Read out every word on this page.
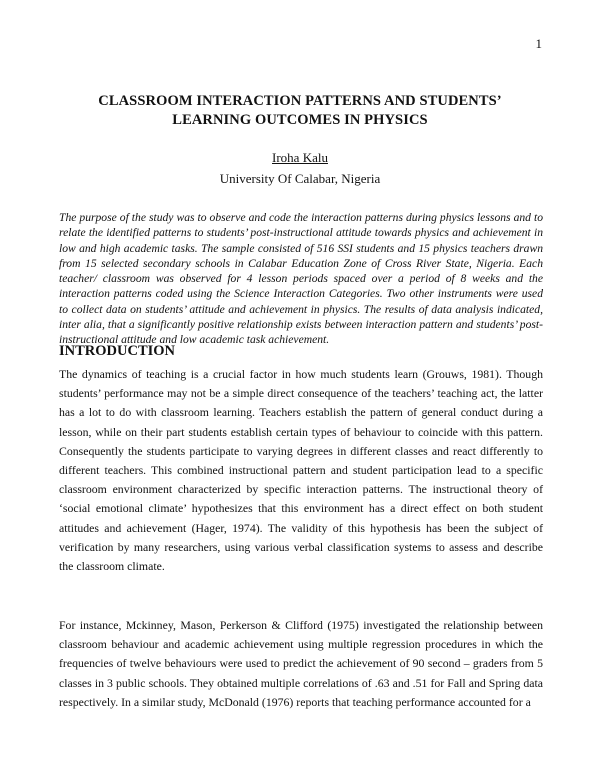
1
CLASSROOM INTERACTION PATTERNS AND STUDENTS’ LEARNING OUTCOMES IN PHYSICS
Iroha Kalu
University Of Calabar, Nigeria
The purpose of the study was to observe and code the interaction patterns during physics lessons and to relate the identified patterns to students’ post-instructional attitude towards physics and achievement in low and high academic tasks. The sample consisted of 516 SSI students and 15 physics teachers drawn from 15 selected secondary schools in Calabar Education Zone of Cross River State, Nigeria. Each teacher/ classroom was observed for 4 lesson periods spaced over a period of 8 weeks and the interaction patterns coded using the Science Interaction Categories. Two other instruments were used to collect data on students’ attitude and achievement in physics. The results of data analysis indicated, inter alia, that a significantly positive relationship exists between interaction pattern and students’ post-instructional attitude and low academic task achievement.
INTRODUCTION

The dynamics of teaching is a crucial factor in how much students learn (Grouws, 1981). Though students’ performance may not be a simple direct consequence of the teachers’ teaching act, the latter has a lot to do with classroom learning. Teachers establish the pattern of general conduct during a lesson, while on their part students establish certain types of behaviour to coincide with this pattern. Consequently the students participate to varying degrees in different classes and react differently to different teachers. This combined instructional pattern and student participation lead to a specific classroom environment characterized by specific interaction patterns. The instructional theory of ‘social emotional climate’ hypothesizes that this environment has a direct effect on both student attitudes and achievement (Hager, 1974). The validity of this hypothesis has been the subject of verification by many researchers, using various verbal classification systems to assess and describe the classroom climate.

For instance, Mckinney, Mason, Perkerson & Clifford (1975) investigated the relationship between classroom behaviour and academic achievement using multiple regression procedures in which the frequencies of twelve behaviours were used to predict the achievement of 90 second – graders from 5 classes in 3 public schools. They obtained multiple correlations of .63 and .51 for Fall and Spring data respectively. In a similar study, McDonald (1976) reports that teaching performance accounted for a
